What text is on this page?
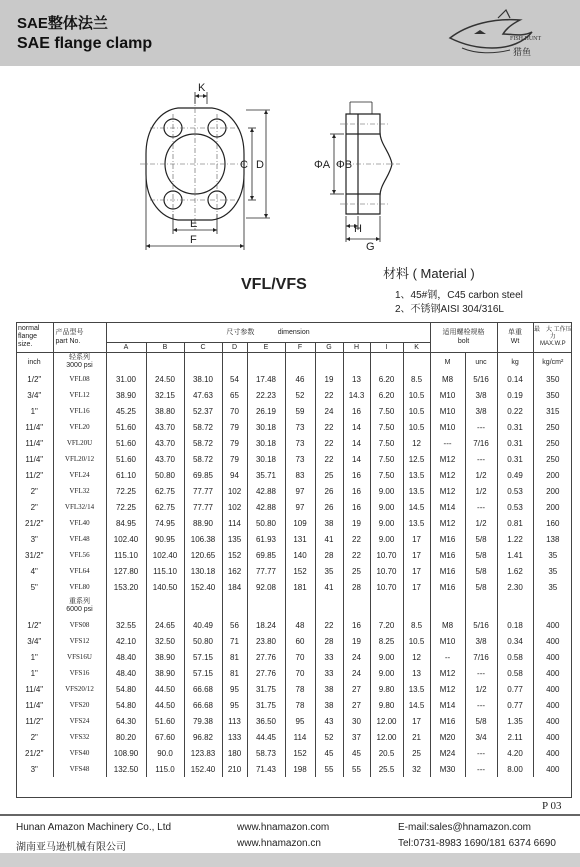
SAE整体法兰
SAE flange clamp	FISH HUNT
猎鱼
K
C D
E
F
ΦA ΦB
H
G
VFL/VFS
材料 ( Material )
1、45#钢，C45 carbon steel
2、不锈钢AISI 304/316L
normal flange size.	产品型号
part No.	尺寸参数 dimension										适用螺栓规格
bolt		单重
Wt	最　大 工作压力
MAX.W.P
		A	B	C	D	E	F	G	H	I	K				
inch	轻系列
3000 psi											M	unc	kg	kg/cm²
1/2"	VFL08	31.00	24.50	38.10	54	17.48	46	19	13	6.20	8.5	M8	5/16	0.14	350
3/4"	VFL12	38.90	32.15	47.63	65	22.23	52	22	14.3	6.20	10.5	M10	3/8	0.19	350
1"	VFL16	45.25	38.80	52.37	70	26.19	59	24	16	7.50	10.5	M10	3/8	0.22	315
11/4"	VFL20	51.60	43.70	58.72	79	30.18	73	22	14	7.50	10.5	M10	---	0.31	250
11/4"	VFL20U	51.60	43.70	58.72	79	30.18	73	22	14	7.50	12	---	7/16	0.31	250
11/4"	VFL20/12	51.60	43.70	58.72	79	30.18	73	22	14	7.50	12.5	M12	---	0.31	250
11/2"	VFL24	61.10	50.80	69.85	94	35.71	83	25	16	7.50	13.5	M12	1/2	0.49	200
2"	VFL32	72.25	62.75	77.77	102	42.88	97	26	16	9.00	13.5	M12	1/2	0.53	200
2"	VFL32/14	72.25	62.75	77.77	102	42.88	97	26	16	9.00	14.5	M14	---	0.53	200
21/2"	VFL40	84.95	74.95	88.90	114	50.80	109	38	19	9.00	13.5	M12	1/2	0.81	160
3"	VFL48	102.40	90.95	106.38	135	61.93	131	41	22	9.00	17	M16	5/8	1.22	138
31/2"	VFL56	115.10	102.40	120.65	152	69.85	140	28	22	10.70	17	M16	5/8	1.41	35
4"	VFL64	127.80	115.10	130.18	162	77.77	152	35	25	10.70	17	M16	5/8	1.62	35
5"	VFL80	153.20	140.50	152.40	184	92.08	181	41	28	10.70	17	M16	5/8	2.30	35
	重系列
6000 psi														
1/2"	VFS08	32.55	24.65	40.49	56	18.24	48	22	16	7.20	8.5	M8	5/16	0.18	400
3/4"	VFS12	42.10	32.50	50.80	71	23.80	60	28	19	8.25	10.5	M10	3/8	0.34	400
1"	VFS16U	48.40	38.90	57.15	81	27.76	70	33	24	9.00	12	--	7/16	0.58	400
1"	VFS16	48.40	38.90	57.15	81	27.76	70	33	24	9.00	13	M12	---	0.58	400
11/4"	VFS20/12	54.80	44.50	66.68	95	31.75	78	38	27	9.80	13.5	M12	1/2	0.77	400
11/4"	VFS20	54.80	44.50	66.68	95	31.75	78	38	27	9.80	14.5	M14	---	0.77	400
11/2"	VFS24	64.30	51.60	79.38	113	36.50	95	43	30	12.00	17	M16	5/8	1.35	400
2"	VFS32	80.20	67.60	96.82	133	44.45	114	52	37	12.00	21	M20	3/4	2.11	400
21/2"	VFS40	108.90	90.0	123.83	180	58.73	152	45	45	20.5	25	M24	---	4.20	400
3"	VFS48	132.50	115.0	152.40	210	71.43	198	55	55	25.5	32	M30	---	8.00	400
P 03
Hunan Amazon Machinery Co., Ltd
湖南亚马逊机械有限公司
www.hnamazon.com
www.hnamazon.cn
E-mail:sales@hnamazon.com
Tel:0731-8983 1690/181 6374 6690
